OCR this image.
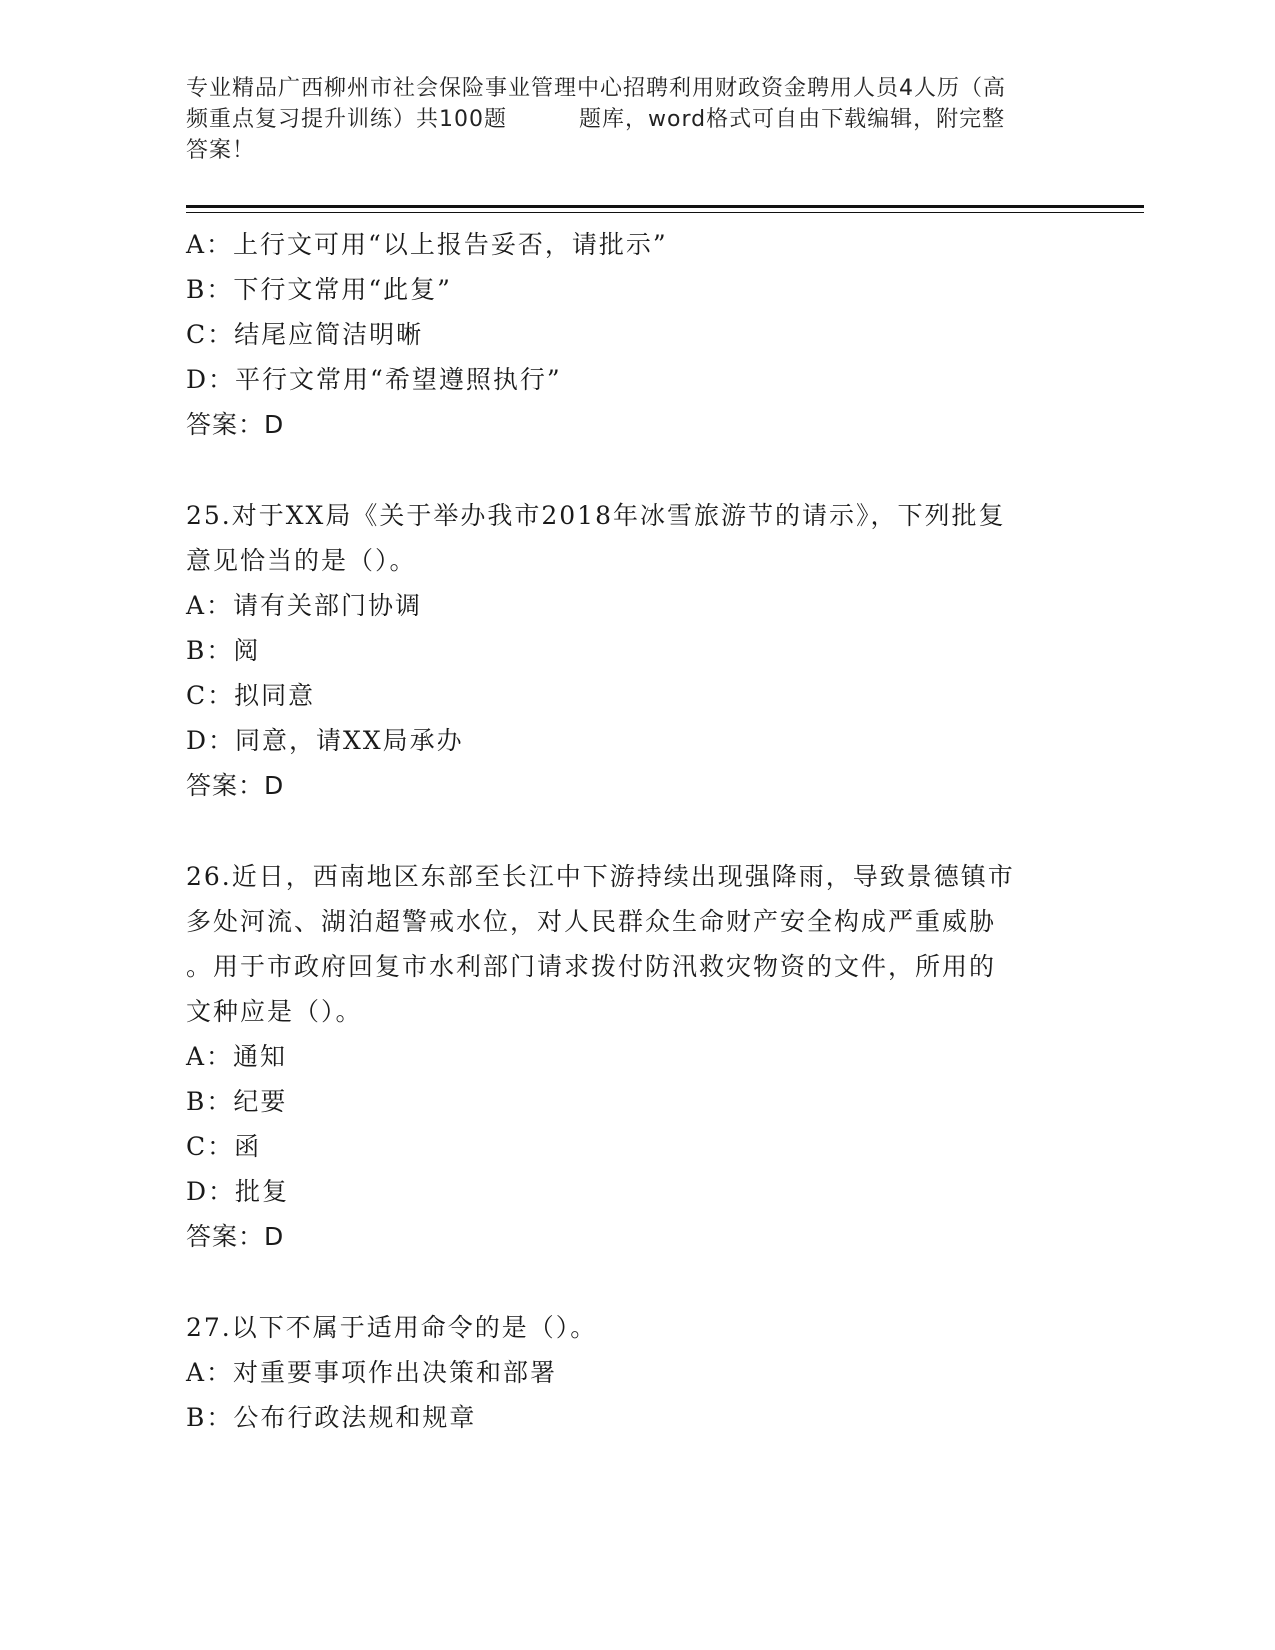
专业精品广西柳州市社会保险事业管理中心招聘利用财政资金聘用人员4人历（高
频重点复习提升训练）共100题	题库，word格式可自由下载编辑，附完整
答案！
A：上行文可用“以上报告妥否，请批示”
B：下行文常用“此复”
C：结尾应简洁明晰
D：平行文常用“希望遵照执行”
答案：D
25.对于XX局《关于举办我市2018年冰雪旅游节的请示》，下列批复
意见恰当的是（）。
A：请有关部门协调
B：阅
C：拟同意
D：同意，请XX局承办
答案：D
26.近日，西南地区东部至长江中下游持续出现强降雨，导致景德镇市
多处河流、湖泊超警戒水位，对人民群众生命财产安全构成严重威胁
。用于市政府回复市水利部门请求拨付防汛救灾物资的文件，所用的
文种应是（）。
A：通知
B：纪要
C：函
D：批复
答案：D
27.以下不属于适用命令的是（）。
A：对重要事项作出决策和部署
B：公布行政法规和规章
